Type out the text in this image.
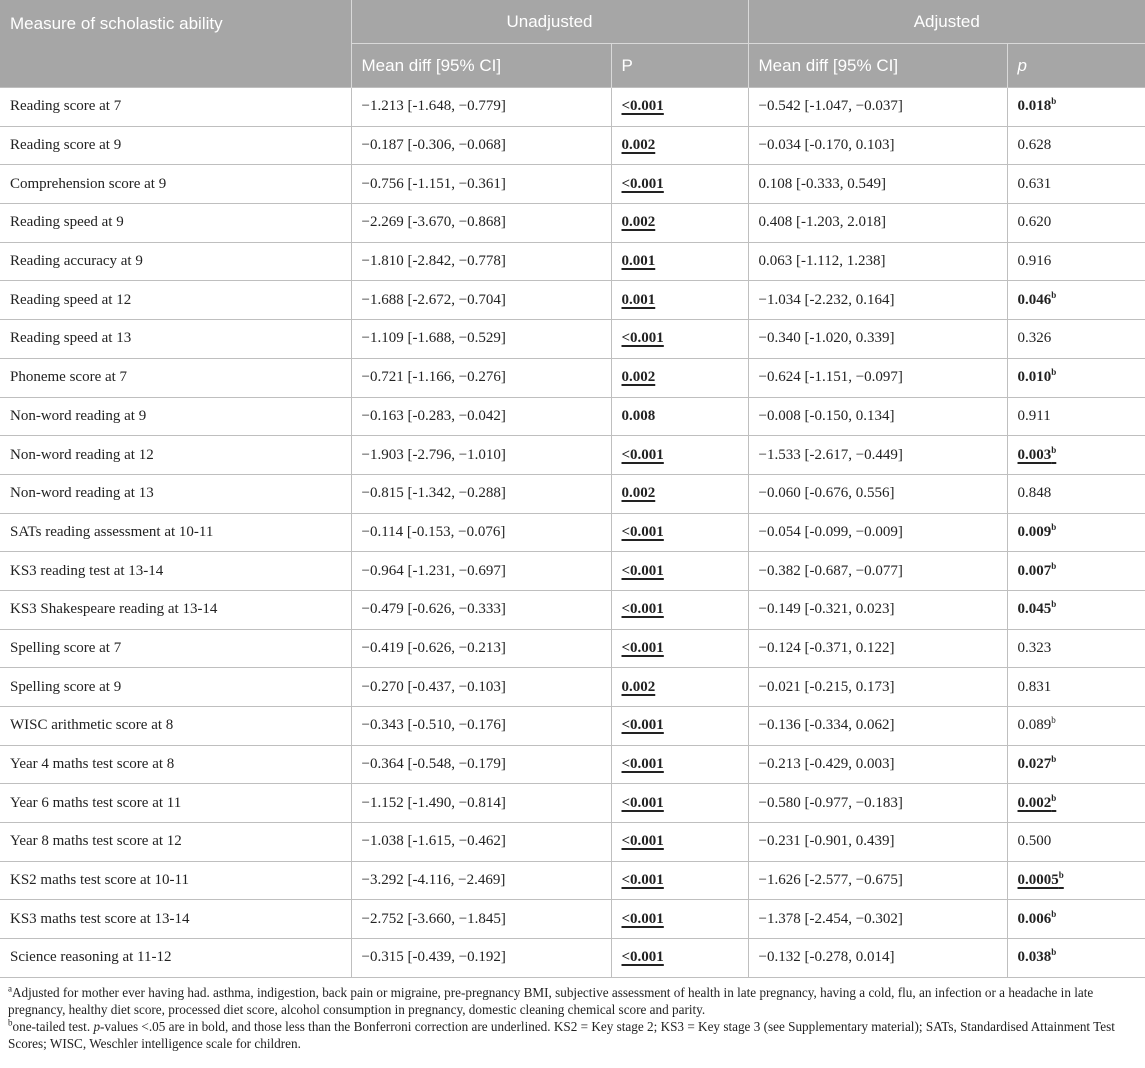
Measure of scholastic ability	Unadjusted		Adjusted	
	Mean diff [95% CI]	P	Mean diff [95% CI]	p
Reading score at 7	−1.213 [-1.648, −0.779]	<0.001	−0.542 [-1.047, −0.037]	0.018$^b$
Reading score at 9	−0.187 [-0.306, −0.068]	0.002	−0.034 [-0.170, 0.103]	0.628
Comprehension score at 9	−0.756 [-1.151, −0.361]	<0.001	0.108 [-0.333, 0.549]	0.631
Reading speed at 9	−2.269 [-3.670, −0.868]	0.002	0.408 [-1.203, 2.018]	0.620
Reading accuracy at 9	−1.810 [-2.842, −0.778]	0.001	0.063 [-1.112, 1.238]	0.916
Reading speed at 12	−1.688 [-2.672, −0.704]	0.001	−1.034 [-2.232, 0.164]	0.046$^b$
Reading speed at 13	−1.109 [-1.688, −0.529]	<0.001	−0.340 [-1.020, 0.339]	0.326
Phoneme score at 7	−0.721 [-1.166, −0.276]	0.002	−0.624 [-1.151, −0.097]	0.010$^b$
Non-word reading at 9	−0.163 [-0.283, −0.042]	0.008	−0.008 [-0.150, 0.134]	0.911
Non-word reading at 12	−1.903 [-2.796, −1.010]	<0.001	−1.533 [-2.617, −0.449]	0.003$^b$
Non-word reading at 13	−0.815 [-1.342, −0.288]	0.002	−0.060 [-0.676, 0.556]	0.848
SATs reading assessment at 10-11	−0.114 [-0.153, −0.076]	<0.001	−0.054 [-0.099, −0.009]	0.009$^b$
KS3 reading test at 13-14	−0.964 [-1.231, −0.697]	<0.001	−0.382 [-0.687, −0.077]	0.007$^b$
KS3 Shakespeare reading at 13-14	−0.479 [-0.626, −0.333]	<0.001	−0.149 [-0.321, 0.023]	0.045$^b$
Spelling score at 7	−0.419 [-0.626, −0.213]	<0.001	−0.124 [-0.371, 0.122]	0.323
Spelling score at 9	−0.270 [-0.437, −0.103]	0.002	−0.021 [-0.215, 0.173]	0.831
WISC arithmetic score at 8	−0.343 [-0.510, −0.176]	<0.001	−0.136 [-0.334, 0.062]	0.089$^b$
Year 4 maths test score at 8	−0.364 [-0.548, −0.179]	<0.001	−0.213 [-0.429, 0.003]	0.027$^b$
Year 6 maths test score at 11	−1.152 [-1.490, −0.814]	<0.001	−0.580 [-0.977, −0.183]	0.002$^b$
Year 8 maths test score at 12	−1.038 [-1.615, −0.462]	<0.001	−0.231 [-0.901, 0.439]	0.500
KS2 maths test score at 10-11	−3.292 [-4.116, −2.469]	<0.001	−1.626 [-2.577, −0.675]	0.0005$^b$
KS3 maths test score at 13-14	−2.752 [-3.660, −1.845]	<0.001	−1.378 [-2.454, −0.302]	0.006$^b$
Science reasoning at 11-12	−0.315 [-0.439, −0.192]	<0.001	−0.132 [-0.278, 0.014]	0.038$^b$

$^a$Adjusted for mother ever having had. asthma, indigestion, back pain or migraine, pre-pregnancy BMI, subjective assessment of health in late pregnancy, having a cold, flu, an infection or a headache in late pregnancy, healthy diet score, processed diet score, alcohol consumption in pregnancy, domestic cleaning chemical score and parity.

$^b$one-tailed test. p-values <.05 are in bold, and those less than the Bonferroni correction are underlined. KS2 = Key stage 2; KS3 = Key stage 3 (see Supplementary material); SATs, Standardised Attainment Test Scores; WISC, Weschler intelligence scale for children.
